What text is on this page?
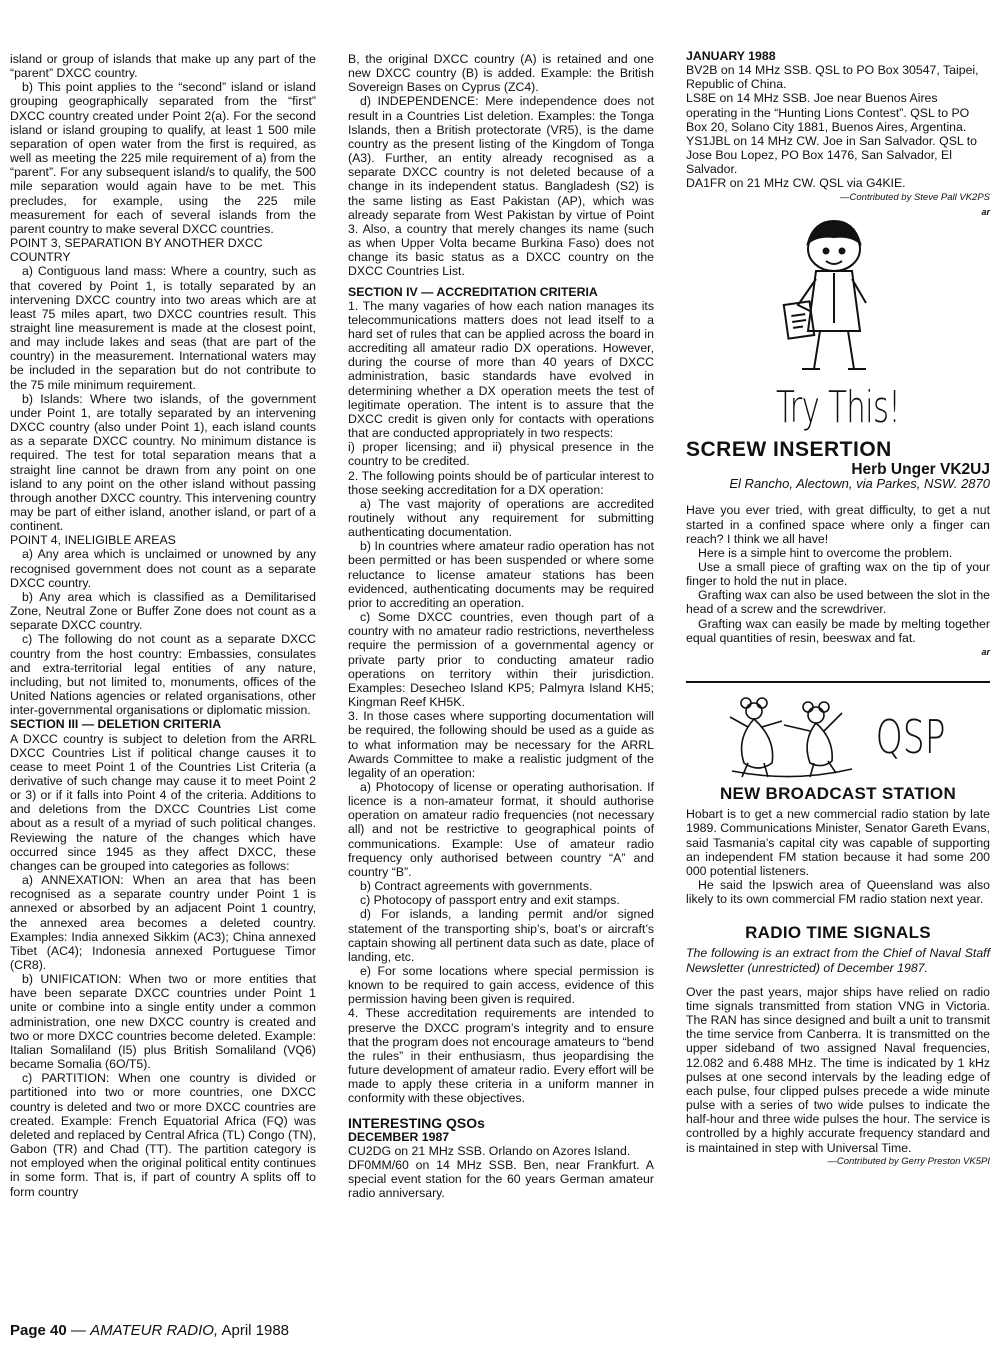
island or group of islands that make up any part of the “parent” DXCC country.

b) This point applies to the “second” island or island grouping geographically separated from the “first” DXCC country created under Point 2(a). For the second island or island grouping to qualify, at least 1 500 mile separation of open water from the first is required, as well as meeting the 225 mile requirement of a) from the “parent”. For any subsequent island/s to qualify, the 500 mile separation would again have to be met. This precludes, for example, using the 225 mile measurement for each of several islands from the parent country to make several DXCC countries.

POINT 3, SEPARATION BY ANOTHER DXCC COUNTRY

a) Contiguous land mass: Where a country, such as that covered by Point 1, is totally separated by an intervening DXCC country into two areas which are at least 75 miles apart, two DXCC countries result. This straight line measurement is made at the closest point, and may include lakes and seas (that are part of the country) in the measurement. International waters may be included in the separation but do not contribute to the 75 mile minimum requirement.

b) Islands: Where two islands, of the government under Point 1, are totally separated by an intervening DXCC country (also under Point 1), each island counts as a separate DXCC country. No minimum distance is required. The test for total separation means that a straight line cannot be drawn from any point on one island to any point on the other island without passing through another DXCC country. This intervening country may be part of either island, another island, or part of a continent.

POINT 4, INELIGIBLE AREAS

a) Any area which is unclaimed or unowned by any recognised government does not count as a separate DXCC country.

b) Any area which is classified as a Demilitarised Zone, Neutral Zone or Buffer Zone does not count as a separate DXCC country.

c) The following do not count as a separate DXCC country from the host country: Embassies, consulates and extra-territorial legal entities of any nature, including, but not limited to, monuments, offices of the United Nations agencies or related organisations, other inter-governmental organisations or diplomatic mission.

SECTION III — DELETION CRITERIA

A DXCC country is subject to deletion from the ARRL DXCC Countries List if political change causes it to cease to meet Point 1 of the Countries List Criteria (a derivative of such change may cause it to meet Point 2 or 3) or if it falls into Point 4 of the criteria. Additions to and deletions from the DXCC Countries List come about as a result of a myriad of such political changes. Reviewing the nature of the changes which have occurred since 1945 as they affect DXCC, these changes can be grouped into categories as follows:

a) ANNEXATION: When an area that has been recognised as a separate country under Point 1 is annexed or absorbed by an adjacent Point 1 country, the annexed area becomes a deleted country. Examples: India annexed Sikkim (AC3); China annexed Tibet (AC4); Indonesia annexed Portuguese Timor (CR8).

b) UNIFICATION: When two or more entities that have been separate DXCC countries under Point 1 unite or combine into a single entity under a common administration, one new DXCC country is created and two or more DXCC countries become deleted. Example: Italian Somaliland (I5) plus British Somaliland (VQ6) became Somalia (6O/T5).

c) PARTITION: When one country is divided or partitioned into two or more countries, one DXCC country is deleted and two or more DXCC countries are created. Example: French Equatorial Africa (FQ) was deleted and replaced by Central Africa (TL) Congo (TN), Gabon (TR) and Chad (TT). The partition category is not employed when the original political entity continues in some form. That is, if part of country A splits off to form country

B, the original DXCC country (A) is retained and one new DXCC country (B) is added. Example: the British Sovereign Bases on Cyprus (ZC4).

d) INDEPENDENCE: Mere independence does not result in a Countries List deletion. Examples: the Tonga Islands, then a British protectorate (VR5), is the dame country as the present listing of the Kingdom of Tonga (A3). Further, an entity already recognised as a separate DXCC country is not deleted because of a change in its independent status. Bangladesh (S2) is the same listing as East Pakistan (AP), which was already separate from West Pakistan by virtue of Point 3. Also, a country that merely changes its name (such as when Upper Volta became Burkina Faso) does not change its basic status as a DXCC country on the DXCC Countries List.

SECTION IV — ACCREDITATION CRITERIA

1. The many vagaries of how each nation manages its telecommunications matters does not lead itself to a hard set of rules that can be applied across the board in accrediting all amateur radio DX operations. However, during the course of more than 40 years of DXCC administration, basic standards have evolved in determining whether a DX operation meets the test of legitimate operation. The intent is to assure that the DXCC credit is given only for contacts with operations that are conducted appropriately in two respects:

i) proper licensing; and ii) physical presence in the country to be credited.

2. The following points should be of particular interest to those seeking accreditation for a DX operation:

a) The vast majority of operations are accredited routinely without any requirement for submitting authenticating documentation.

b) In countries where amateur radio operation has not been permitted or has been suspended or where some reluctance to license amateur stations has been evidenced, authenticating documents may be required prior to accrediting an operation.

c) Some DXCC countries, even though part of a country with no amateur radio restrictions, nevertheless require the permission of a governmental agency or private party prior to conducting amateur radio operations on territory within their jurisdiction. Examples: Desecheo Island KP5; Palmyra Island KH5; Kingman Reef KH5K.

3. In those cases where supporting documentation will be required, the following should be used as a guide as to what information may be necessary for the ARRL Awards Committee to make a realistic judgment of the legality of an operation:

a) Photocopy of license or operating authorisation. If licence is a non-amateur format, it should authorise operation on amateur radio frequencies (not necessary all) and not be restrictive to geographical points of communications. Example: Use of amateur radio frequency only authorised between country “A” and country “B”.

b) Contract agreements with governments.

c) Photocopy of passport entry and exit stamps.

d) For islands, a landing permit and/or signed statement of the transporting ship’s, boat’s or aircraft’s captain showing all pertinent data such as date, place of landing, etc.

e) For some locations where special permission is known to be required to gain access, evidence of this permission having been given is required.

4. These accreditation requirements are intended to preserve the DXCC program’s integrity and to ensure that the program does not encourage amateurs to “bend the rules” in their enthusiasm, thus jeopardising the future development of amateur radio. Every effort will be made to apply these criteria in a uniform manner in conformity with these objectives.

INTERESTING QSOs

DECEMBER 1987

CU2DG on 21 MHz SSB. Orlando on Azores Island.

DF0MM/60 on 14 MHz SSB. Ben, near Frankfurt. A special event station for the 60 years German amateur radio anniversary.

JANUARY 1988

BV2B on 14 MHz SSB. QSL to PO Box 30547, Taipei, Republic of China.

LS8E on 14 MHz SSB. Joe near Buenos Aires operating in the “Hunting Lions Contest”. QSL to PO Box 20, Solano City 1881, Buenos Aires, Argentina.

YS1JBL on 14 MHz CW. Joe in San Salvador. QSL to Jose Bou Lopez, PO Box 1476, San Salvador, El Salvador.

DA1FR on 21 MHz CW. QSL via G4KIE.

—Contributed by Steve Pall VK2PS

ar

Try This!
SCREW INSERTION
Herb Unger VK2UJ
El Rancho, Alectown, via Parkes, NSW. 2870

Have you ever tried, with great difficulty, to get a nut started in a confined space where only a finger can reach? I think we all have!

Here is a simple hint to overcome the problem.

Use a small piece of grafting wax on the tip of your finger to hold the nut in place.

Grafting wax can also be used between the slot in the head of a screw and the screwdriver.

Grafting wax can easily be made by melting together equal quantities of resin, beeswax and fat.

ar

QSP
NEW BROADCAST STATION

Hobart is to get a new commercial radio station by late 1989. Communications Minister, Senator Gareth Evans, said Tasmania’s capital city was capable of supporting an independent FM station because it had some 200 000 potential listeners.

He said the Ipswich area of Queensland was also likely to its own commercial FM radio station next year.

RADIO TIME SIGNALS

The following is an extract from the Chief of Naval Staff Newsletter (unrestricted) of December 1987.

Over the past years, major ships have relied on radio time signals transmitted from station VNG in Victoria. The RAN has since designed and built a unit to transmit the time service from Canberra. It is transmitted on the upper sideband of two assigned Naval frequencies, 12.082 and 6.488 MHz. The time is indicated by 1 kHz pulses at one second intervals by the leading edge of each pulse, four clipped pulses precede a wide minute pulse with a series of two wide pulses to indicate the half-hour and three wide pulses the hour. The service is controlled by a highly accurate frequency standard and is maintained in step with Universal Time.

—Contributed by Gerry Preston VK5PI

Page 40 — AMATEUR RADIO, April 1988
